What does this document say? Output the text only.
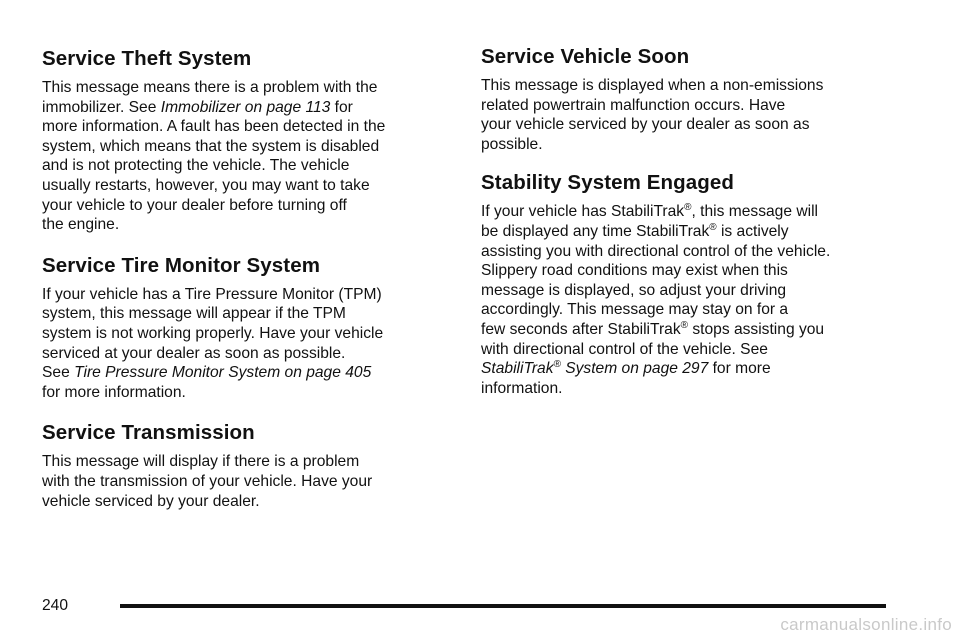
Service Theft System

This message means there is a problem with the
immobilizer. See Immobilizer on page 113 for
more information. A fault has been detected in the
system, which means that the system is disabled
and is not protecting the vehicle. The vehicle
usually restarts, however, you may want to take
your vehicle to your dealer before turning off
the engine.

Service Tire Monitor System

If your vehicle has a Tire Pressure Monitor (TPM)
system, this message will appear if the TPM
system is not working properly. Have your vehicle
serviced at your dealer as soon as possible.
See Tire Pressure Monitor System on page 405
for more information.

Service Transmission

This message will display if there is a problem
with the transmission of your vehicle. Have your
vehicle serviced by your dealer.

Service Vehicle Soon

This message is displayed when a non-emissions
related powertrain malfunction occurs. Have
your vehicle serviced by your dealer as soon as
possible.

Stability System Engaged

If your vehicle has StabiliTrak®, this message will
be displayed any time StabiliTrak® is actively
assisting you with directional control of the vehicle.
Slippery road conditions may exist when this
message is displayed, so adjust your driving
accordingly. This message may stay on for a
few seconds after StabiliTrak® stops assisting you
with directional control of the vehicle. See
StabiliTrak® System on page 297 for more
information.

240
carmanualsonline.info
